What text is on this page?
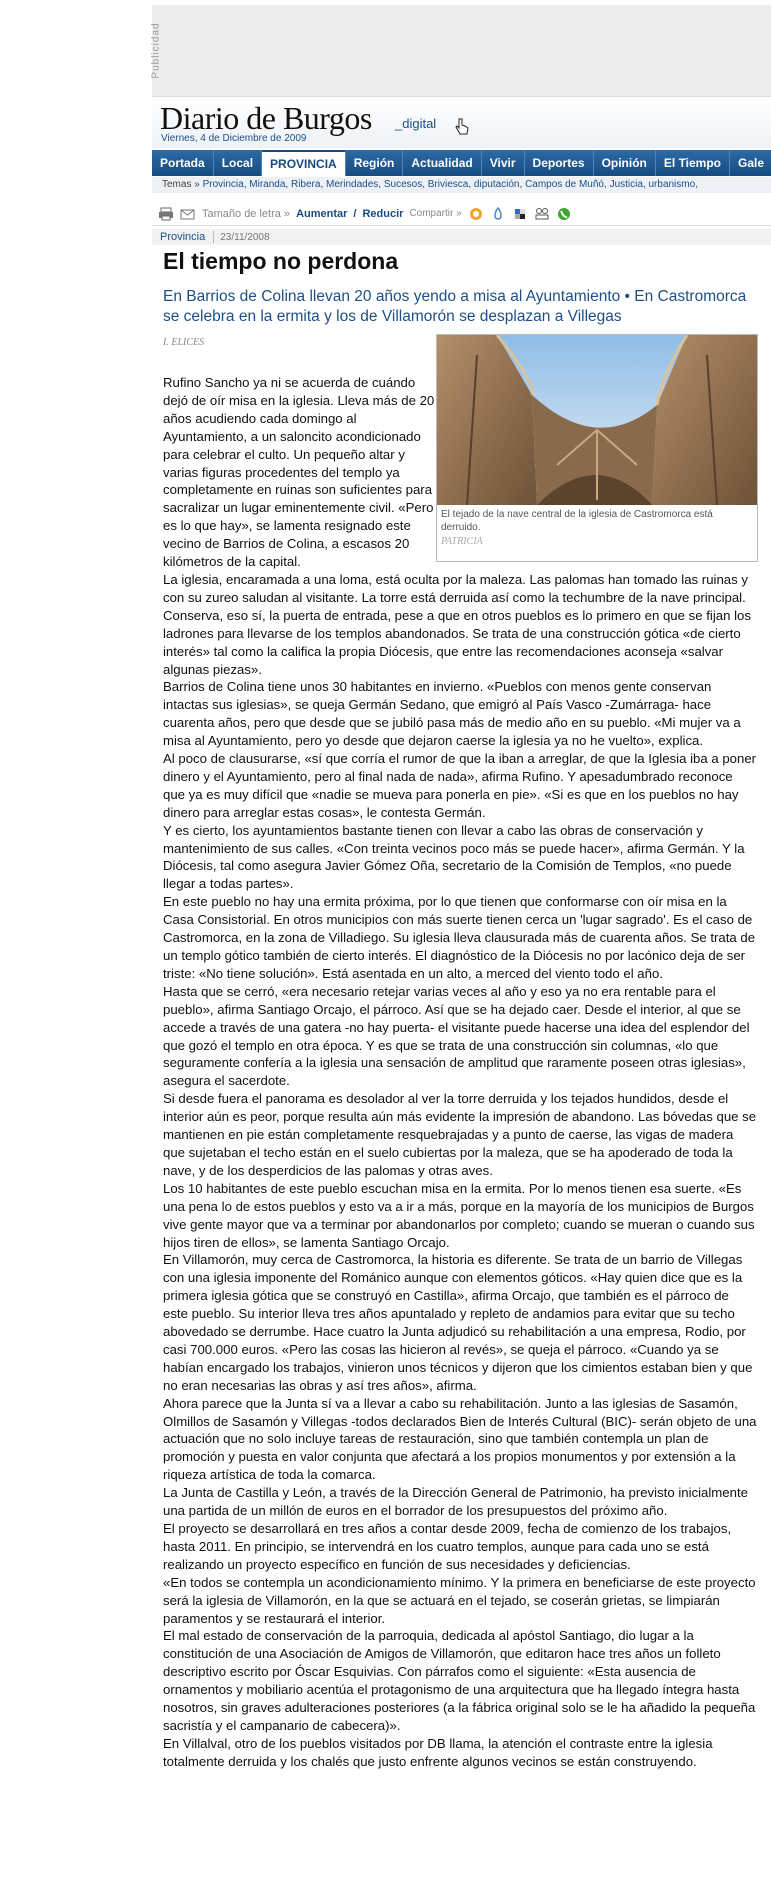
Publicidad
Diario de Burgos _digital
Viernes, 4 de Diciembre de 2009
Portada	Local	PROVINCIA	Región	Actualidad	Vivir	Deportes	Opinión	El Tiempo	Gale
Temas » Provincia, Miranda, Ribera, Merindades, Sucesos, Briviesca, diputación, Campos de Muñó, Justicia, urbanismo,
Tamaño de letra » Aumentar / Reducir Compartir »
Provincia 23/11/2008
El tiempo no perdona

En Barrios de Colina llevan 20 años yendo a misa al Ayuntamiento • En Castromorca se celebra en la ermita y los de Villamorón se desplazan a Villegas

I. ELICES
El tejado de la nave central de la iglesia de Castromorca está derruido.
PATRICIA

Rufino Sancho ya ni se acuerda de cuándo dejó de oír misa en la iglesia. Lleva más de 20 años acudiendo cada domingo al Ayuntamiento, a un saloncito acondicionado para celebrar el culto. Un pequeño altar y varias figuras procedentes del templo ya completamente en ruinas son suficientes para sacralizar un lugar eminentemente civil. «Pero es lo que hay», se lamenta resignado este vecino de Barrios de Colina, a escasos 20 kilómetros de la capital.

La iglesia, encaramada a una loma, está oculta por la maleza. Las palomas han tomado las ruinas y con su zureo saludan al visitante. La torre está derruida así como la techumbre de la nave principal. Conserva, eso sí, la puerta de entrada, pese a que en otros pueblos es lo primero en que se fijan los ladrones para llevarse de los templos abandonados. Se trata de una construcción gótica «de cierto interés» tal como la califica la propia Diócesis, que entre las recomendaciones aconseja «salvar algunas piezas».

Barrios de Colina tiene unos 30 habitantes en invierno. «Pueblos con menos gente conservan intactas sus iglesias», se queja Germán Sedano, que emigró al País Vasco -Zumárraga- hace cuarenta años, pero que desde que se jubiló pasa más de medio año en su pueblo. «Mi mujer va a misa al Ayuntamiento, pero yo desde que dejaron caerse la iglesia ya no he vuelto», explica.

Al poco de clausurarse, «sí que corría el rumor de que la iban a arreglar, de que la Iglesia iba a poner dinero y el Ayuntamiento, pero al final nada de nada», afirma Rufino. Y apesadumbrado reconoce que ya es muy difícil que «nadie se mueva para ponerla en pie». «Si es que en los pueblos no hay dinero para arreglar estas cosas», le contesta Germán.

Y es cierto, los ayuntamientos bastante tienen con llevar a cabo las obras de conservación y mantenimiento de sus calles. «Con treinta vecinos poco más se puede hacer», afirma Germán. Y la Diócesis, tal como asegura Javier Gómez Oña, secretario de la Comisión de Templos, «no puede llegar a todas partes».

En este pueblo no hay una ermita próxima, por lo que tienen que conformarse con oír misa en la Casa Consistorial. En otros municipios con más suerte tienen cerca un 'lugar sagrado'. Es el caso de Castromorca, en la zona de Villadiego. Su iglesia lleva clausurada más de cuarenta años. Se trata de un templo gótico también de cierto interés. El diagnóstico de la Diócesis no por lacónico deja de ser triste: «No tiene solución». Está asentada en un alto, a merced del viento todo el año.

Hasta que se cerró, «era necesario retejar varias veces al año y eso ya no era rentable para el pueblo», afirma Santiago Orcajo, el párroco. Así que se ha dejado caer. Desde el interior, al que se accede a través de una gatera -no hay puerta- el visitante puede hacerse una idea del esplendor del que gozó el templo en otra época. Y es que se trata de una construcción sin columnas, «lo que seguramente confería a la iglesia una sensación de amplitud que raramente poseen otras iglesias», asegura el sacerdote.

Si desde fuera el panorama es desolador al ver la torre derruida y los tejados hundidos, desde el interior aún es peor, porque resulta aún más evidente la impresión de abandono. Las bóvedas que se mantienen en pie están completamente resquebrajadas y a punto de caerse, las vigas de madera que sujetaban el techo están en el suelo cubiertas por la maleza, que se ha apoderado de toda la nave, y de los desperdicios de las palomas y otras aves.

Los 10 habitantes de este pueblo escuchan misa en la ermita. Por lo menos tienen esa suerte. «Es una pena lo de estos pueblos y esto va a ir a más, porque en la mayoría de los municipios de Burgos vive gente mayor que va a terminar por abandonarlos por completo; cuando se mueran o cuando sus hijos tiren de ellos», se lamenta Santiago Orcajo.

En Villamorón, muy cerca de Castromorca, la historia es diferente. Se trata de un barrio de Villegas con una iglesia imponente del Románico aunque con elementos góticos. «Hay quien dice que es la primera iglesia gótica que se construyó en Castilla», afirma Orcajo, que también es el párroco de este pueblo. Su interior lleva tres años apuntalado y repleto de andamios para evitar que su techo abovedado se derrumbe. Hace cuatro la Junta adjudicó su rehabilitación a una empresa, Rodio, por casi 700.000 euros. «Pero las cosas las hicieron al revés», se queja el párroco. «Cuando ya se habían encargado los trabajos, vinieron unos técnicos y dijeron que los cimientos estaban bien y que no eran necesarias las obras y así tres años», afirma.

Ahora parece que la Junta sí va a llevar a cabo su rehabilitación. Junto a las iglesias de Sasamón, Olmillos de Sasamón y Villegas -todos declarados Bien de Interés Cultural (BIC)- serán objeto de una actuación que no solo incluye tareas de restauración, sino que también contempla un plan de promoción y puesta en valor conjunta que afectará a los propios monumentos y por extensión a la riqueza artística de toda la comarca.

La Junta de Castilla y León, a través de la Dirección General de Patrimonio, ha previsto inicialmente una partida de un millón de euros en el borrador de los presupuestos del próximo año.

El proyecto se desarrollará en tres años a contar desde 2009, fecha de comienzo de los trabajos, hasta 2011. En principio, se intervendrá en los cuatro templos, aunque para cada uno se está realizando un proyecto específico en función de sus necesidades y deficiencias.

«En todos se contempla un acondicionamiento mínimo. Y la primera en beneficiarse de este proyecto será la iglesia de Villamorón, en la que se actuará en el tejado, se coserán grietas, se limpiarán paramentos y se restaurará el interior.

El mal estado de conservación de la parroquia, dedicada al apóstol Santiago, dio lugar a la constitución de una Asociación de Amigos de Villamorón, que editaron hace tres años un folleto descriptivo escrito por Óscar Esquivias. Con párrafos como el siguiente: «Esta ausencia de ornamentos y mobiliario acentúa el protagonismo de una arquitectura que ha llegado íntegra hasta nosotros, sin graves adulteraciones posteriores (a la fábrica original solo se le ha añadido la pequeña sacristía y el campanario de cabecera)».

En Villalval, otro de los pueblos visitados por DB llama, la atención el contraste entre la iglesia totalmente derruida y los chalés que justo enfrente algunos vecinos se están construyendo.
